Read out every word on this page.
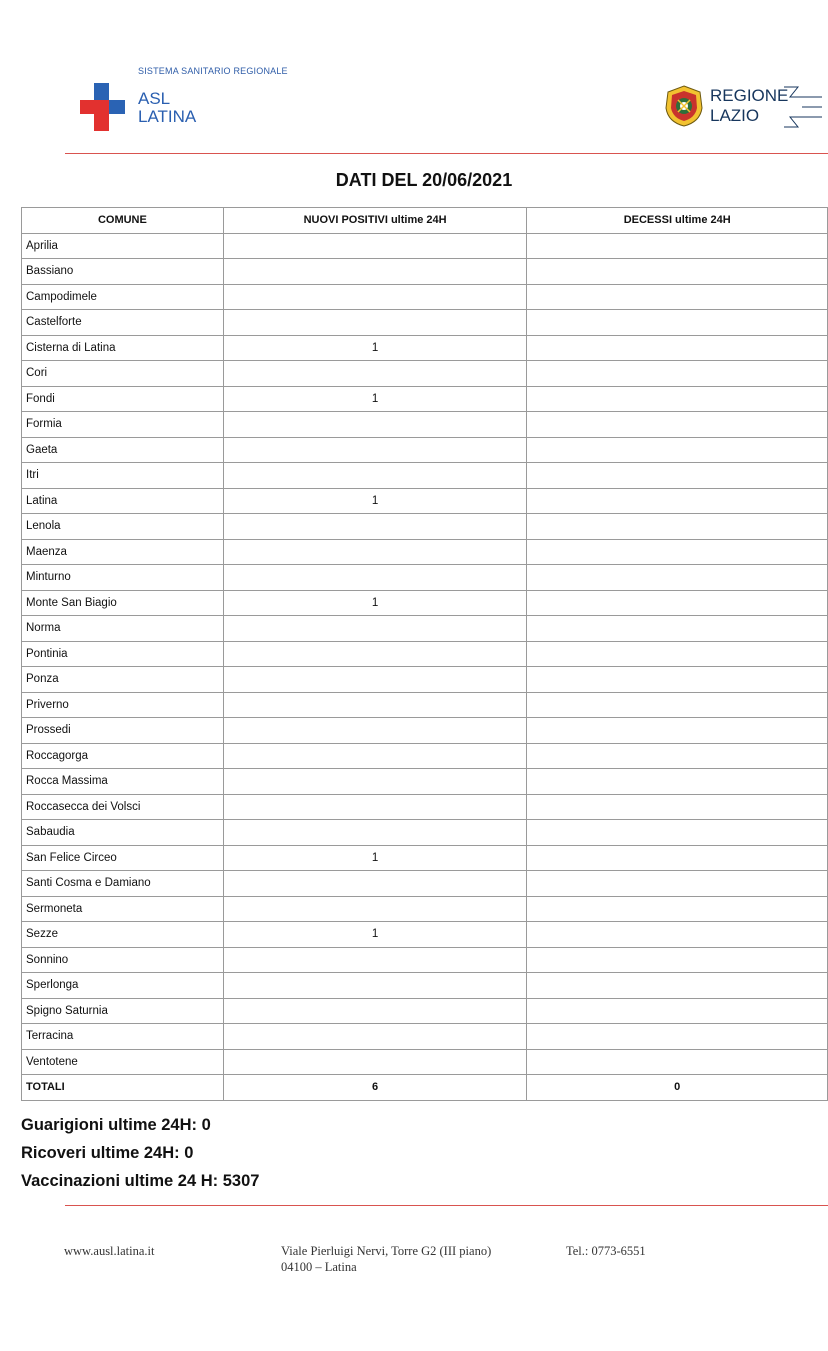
SISTEMA SANITARIO REGIONALE
ASL
LATINA
REGIONE
LAZIO
DATI DEL 20/06/2021
COMUNE	NUOVI POSITIVI ultime 24H	DECESSI ultime 24H
Aprilia		
Bassiano		
Campodimele		
Castelforte		
Cisterna di Latina	1	
Cori		
Fondi	1	
Formia		
Gaeta		
Itri		
Latina	1	
Lenola		
Maenza		
Minturno		
Monte San Biagio	1	
Norma		
Pontinia		
Ponza		
Priverno		
Prossedi		
Roccagorga		
Rocca Massima		
Roccasecca dei Volsci		
Sabaudia		
San Felice Circeo	1	
Santi Cosma e Damiano		
Sermoneta		
Sezze	1	
Sonnino		
Sperlonga		
Spigno Saturnia		
Terracina		
Ventotene		
TOTALI	6	0
Guarigioni ultime 24H: 0
Ricoveri ultime 24H: 0
Vaccinazioni ultime 24 H: 5307
www.ausl.latina.it	Viale Pierluigi Nervi, Torre G2 (III piano)
04100 – Latina
Tel.: 0773-6551
